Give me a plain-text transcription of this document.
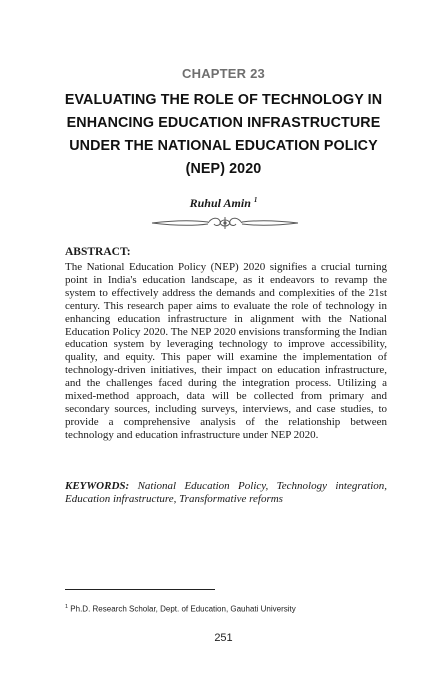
CHAPTER 23
EVALUATING THE ROLE OF TECHNOLOGY IN ENHANCING EDUCATION INFRASTRUCTURE UNDER THE NATIONAL EDUCATION POLICY (NEP) 2020
Ruhul Amin $^1$
ABSTRACT:
The National Education Policy (NEP) 2020 signifies a crucial turning point in India's education landscape, as it endeavors to revamp the system to effectively address the demands and complexities of the 21st century. This research paper aims to evaluate the role of technology in enhancing education infrastructure in alignment with the National Education Policy 2020. The NEP 2020 envisions transforming the Indian education system by leveraging technology to improve accessibility, quality, and equity. This paper will examine the implementation of technology-driven initiatives, their impact on education infrastructure, and the challenges faced during the integration process. Utilizing a mixed-method approach, data will be collected from primary and secondary sources, including surveys, interviews, and case studies, to provide a comprehensive analysis of the relationship between technology and education infrastructure under NEP 2020.
KEYWORDS: National Education Policy, Technology integration, Education infrastructure, Transformative reforms
$^1$ Ph.D. Research Scholar, Dept. of Education, Gauhati University
251
